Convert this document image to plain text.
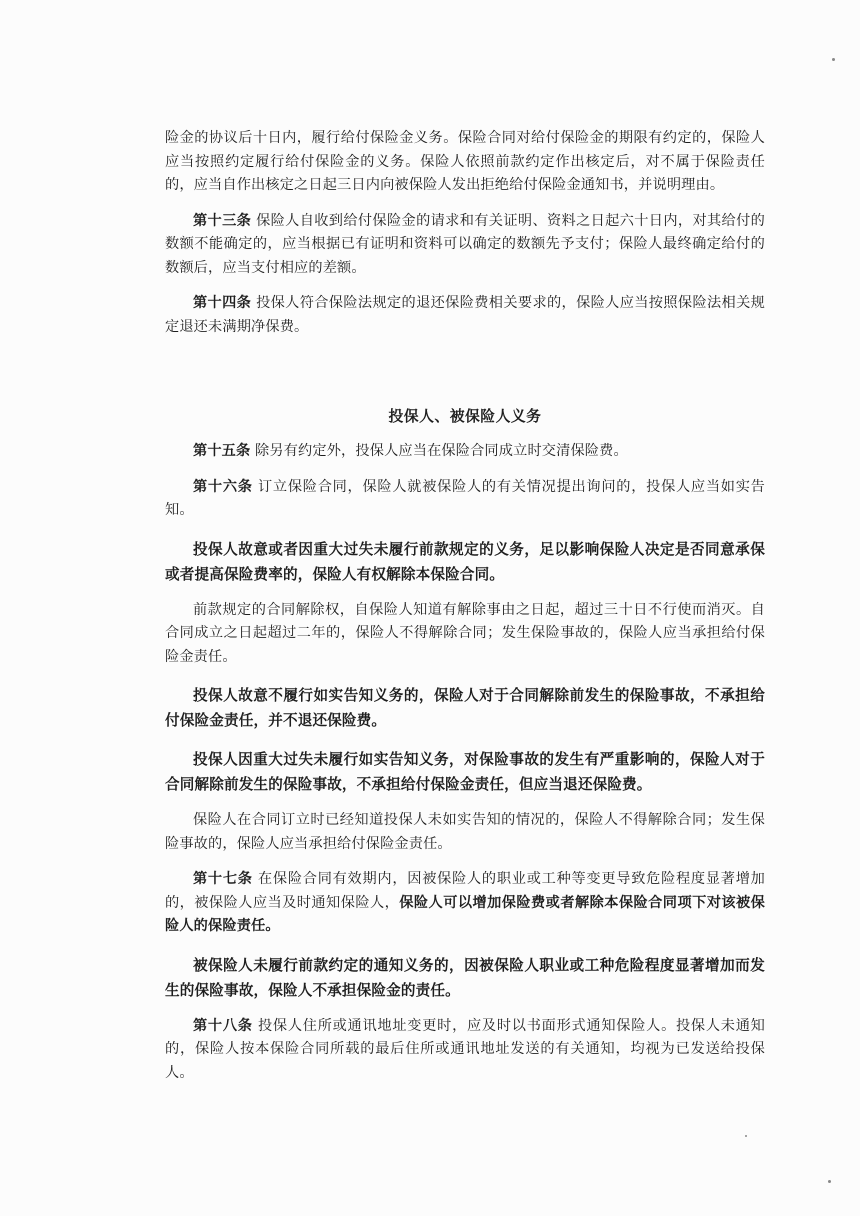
险金的协议后十日内，履行给付保险金义务。保险合同对给付保险金的期限有约定的，保险人应当按照约定履行给付保险金的义务。保险人依照前款约定作出核定后，对不属于保险责任的，应当自作出核定之日起三日内向被保险人发出拒绝给付保险金通知书，并说明理由。

第十三条 保险人自收到给付保险金的请求和有关证明、资料之日起六十日内，对其给付的数额不能确定的，应当根据已有证明和资料可以确定的数额先予支付；保险人最终确定给付的数额后，应当支付相应的差额。

第十四条 投保人符合保险法规定的退还保险费相关要求的，保险人应当按照保险法相关规定退还未满期净保费。

投保人、被保险人义务

第十五条 除另有约定外，投保人应当在保险合同成立时交清保险费。

第十六条 订立保险合同，保险人就被保险人的有关情况提出询问的，投保人应当如实告知。

投保人故意或者因重大过失未履行前款规定的义务，足以影响保险人决定是否同意承保或者提高保险费率的，保险人有权解除本保险合同。

前款规定的合同解除权，自保险人知道有解除事由之日起，超过三十日不行使而消灭。自合同成立之日起超过二年的，保险人不得解除合同；发生保险事故的，保险人应当承担给付保险金责任。

投保人故意不履行如实告知义务的，保险人对于合同解除前发生的保险事故，不承担给付保险金责任，并不退还保险费。

投保人因重大过失未履行如实告知义务，对保险事故的发生有严重影响的，保险人对于合同解除前发生的保险事故，不承担给付保险金责任，但应当退还保险费。

保险人在合同订立时已经知道投保人未如实告知的情况的，保险人不得解除合同；发生保险事故的，保险人应当承担给付保险金责任。

第十七条 在保险合同有效期内，因被保险人的职业或工种等变更导致危险程度显著增加的，被保险人应当及时通知保险人，保险人可以增加保险费或者解除本保险合同项下对该被保险人的保险责任。

被保险人未履行前款约定的通知义务的，因被保险人职业或工种危险程度显著增加而发生的保险事故，保险人不承担保险金的责任。

第十八条 投保人住所或通讯地址变更时，应及时以书面形式通知保险人。投保人未通知的，保险人按本保险合同所载的最后住所或通讯地址发送的有关通知，均视为已发送给投保人。
